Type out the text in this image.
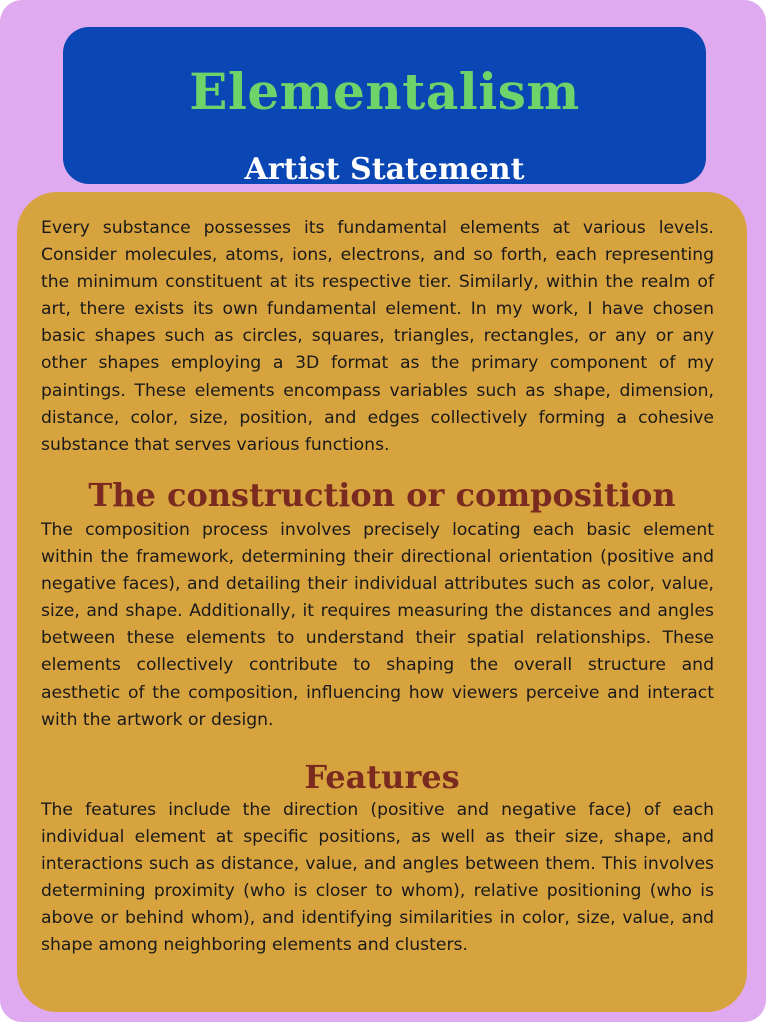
Elementalism
Artist Statement

Every substance possesses its fundamental elements at various levels. Consider molecules, atoms, ions, electrons, and so forth, each representing the minimum constituent at its respective tier. Similarly, within the realm of art, there exists its own fundamental element. In my work, I have chosen basic shapes such as circles, squares, triangles, rectangles, or any or any other shapes employing a 3D format as the primary component of my paintings. These elements encompass variables such as shape, dimension, distance, color, size, position, and edges collectively forming a cohesive substance that serves various functions.

The construction or composition

The composition process involves precisely locating each basic element within the framework, determining their directional orientation (positive and negative faces), and detailing their individual attributes such as color, value, size, and shape. Additionally, it requires measuring the distances and angles between these elements to understand their spatial relationships. These elements collectively contribute to shaping the overall structure and aesthetic of the composition, influencing how viewers perceive and interact with the artwork or design.

Features

The features include the direction (positive and negative face) of each individual element at specific positions, as well as their size, shape, and interactions such as distance, value, and angles between them. This involves determining proximity (who is closer to whom), relative positioning (who is above or behind whom), and identifying similarities in color, size, value, and shape among neighboring elements and clusters.
